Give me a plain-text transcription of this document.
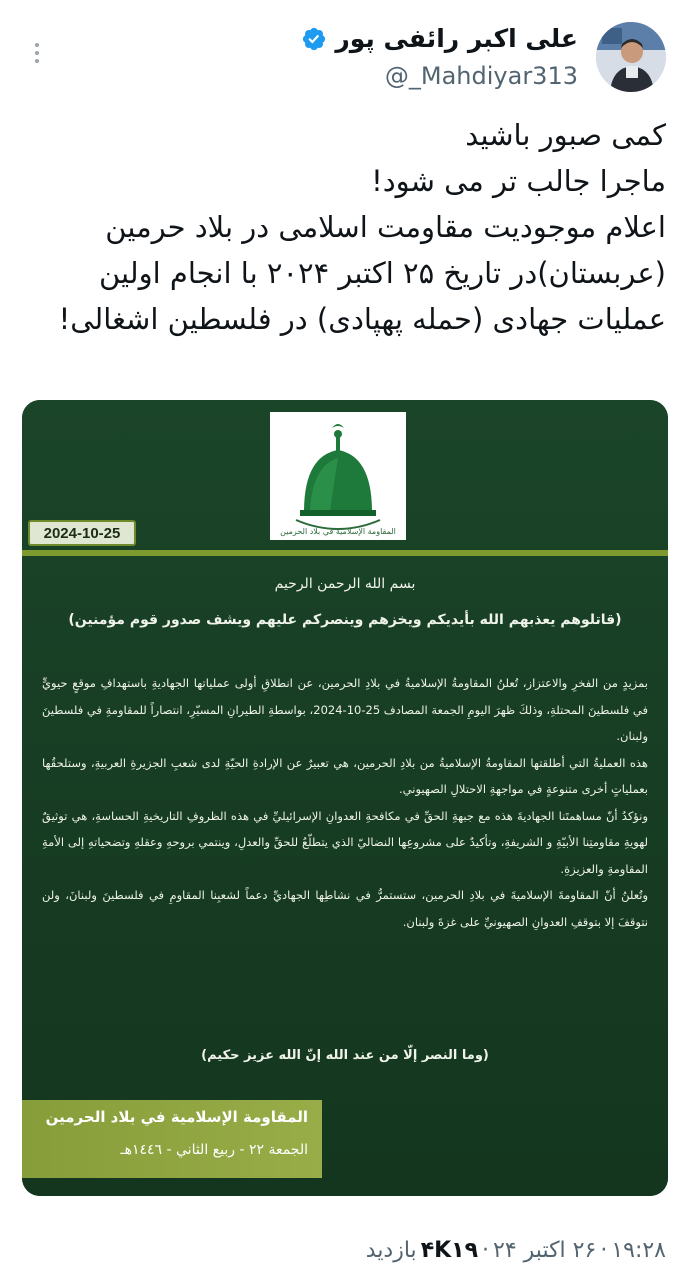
علی اکبر رائفی پور
@_Mahdiyar313
کمی صبور باشید
ماجرا جالب تر می شود!
اعلام موجودیت مقاومت اسلامی در بلاد حرمین
(عربستان)در تاریخ ۲۵ اکتبر ۲۰۲۴ با انجام اولین
عملیات جهادی (حمله پهپادی) در فلسطین اشغالی!
المقاومة الإسلامية في بلاد الحرمين
2024-10-25
بسم الله الرحمن الرحيم
(قاتلوهم يعذبهم الله بأيديكم ويخزهم وينصركم عليهم ويشف صدور قوم مؤمنين)

بمزيدٍ من الفخرِ والاعتزاز، تُعلنُ المقاومةُ الإسلاميةُ في بلادِ الحرمين، عن انطلاقِ أولى عملياتها الجهاديةِ باستهدافِ موقعٍ حيويٍّ في فلسطينَ المحتلةِ، وذلكَ ظهرَ اليومِ الجمعة المصادف 25-10-2024، بواسطةِ الطيرانِ المسيّرِ، انتصاراً للمقاومةِ في فلسطينَ ولبنان.

هذه العمليةُ التي أطلقتها المقاومةُ الإسلاميةُ من بلادِ الحرمين، هي تعبيرٌ عن الإرادةِ الحيّةِ لدى شعبِ الجزيرةِ العربيةِ، وستلحقُها بعملياتٍ أخرى متنوعةٍ في مواجهةِ الاحتلالِ الصهيوني.

ونؤكدُ أنّ مساهمتَنا الجهاديةَ هذه مع جبهةِ الحقِّ في مكافحةِ العدوانِ الإسرائيليِّ في هذه الظروفِ التاريخيةِ الحساسةِ، هي توثيقٌ لهويةِ مقاومتِنا الأبيّةِ و الشريفةِ، وتأكيدٌ على مشروعِها النضاليّ الذي يتطلّعُ للحقِّ والعدلِ، وينتمي بروحهِ وعقلهِ وتضحياتهِ إلى الأمةِ المقاومةِ والعزيزةِ.

وتُعلنُ أنّ المقاومةَ الإسلاميةَ في بلادِ الحرمين، ستستمرُّ في نشاطِها الجهاديِّ دعماً لشعبِنا المقاومِ في فلسطينَ ولبنانَ، ولن نتوقفَ إلا بتوقفِ العدوانِ الصهيونيِّ على غزةَ ولبنان.

(وما النصر إلّا من عند الله إنّ الله عزيز حكيم)
المقاومة الإسلامية في بلاد الحرمين
الجمعة ٢٢ - ربيع الثاني - ١٤٤٦هـ
۱۹:۲۸
·
۲۶ اکتبر ۲۴
·
۴K۱۹
بازدید
